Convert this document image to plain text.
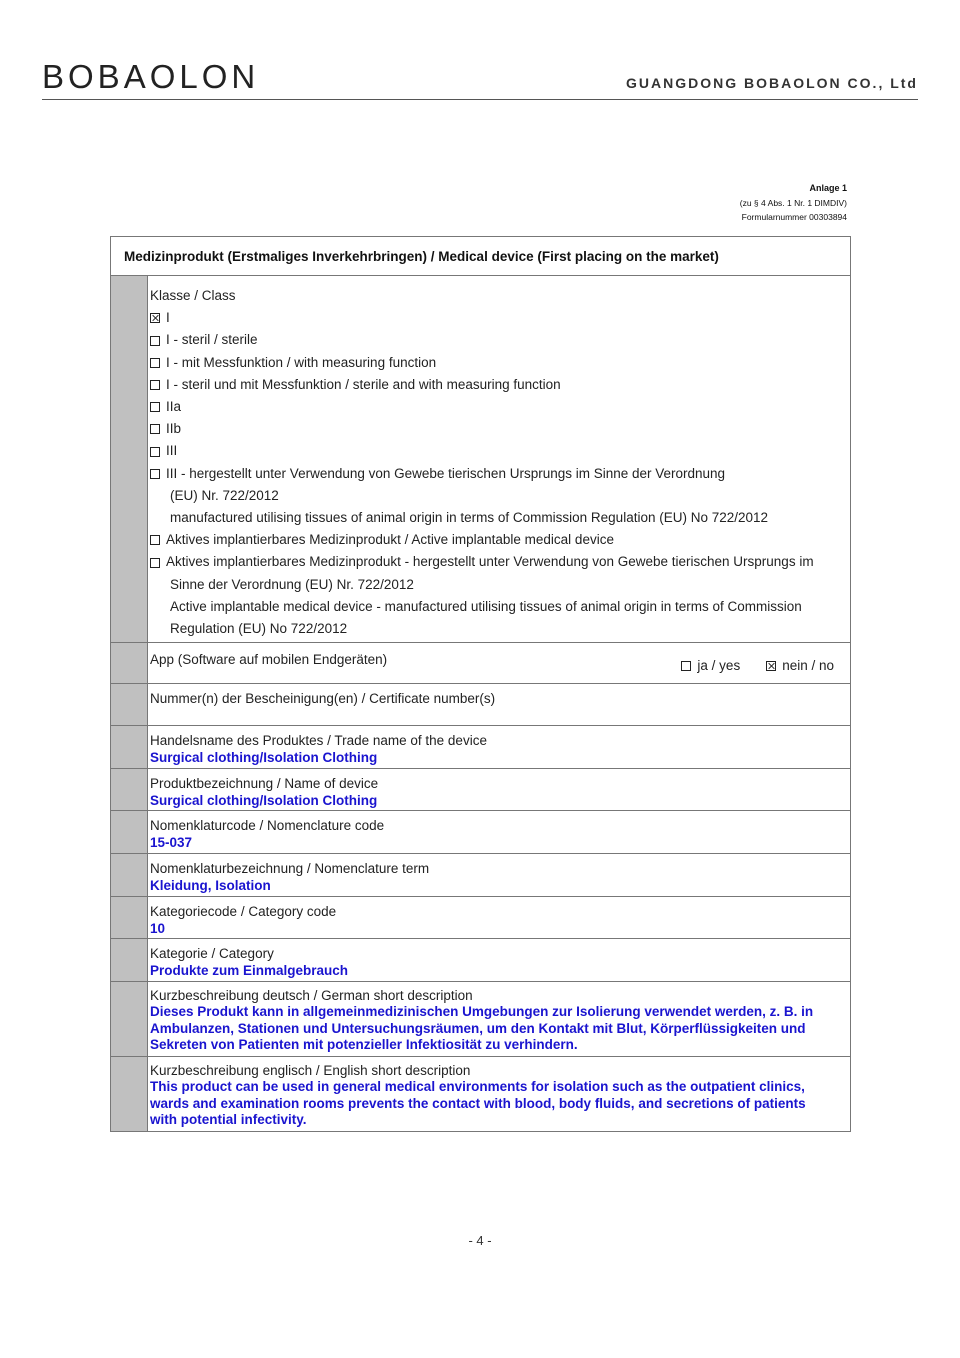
BOBAOLON	GUANGDONG BOBAOLON CO., Ltd
Anlage 1
(zu § 4 Abs. 1 Nr. 1 DIMDIV)
Formularnummer 00303894
Medizinprodukt (Erstmaliges Inverkehrbringen) / Medical device (First placing on the market)
Klasse / Class
I
I - steril / sterile
I - mit Messfunktion / with measuring function
I - steril und mit Messfunktion / sterile and with measuring function
IIa
IIb
III
III - hergestellt unter Verwendung von Gewebe tierischen Ursprungs im Sinne der Verordnung
(EU) Nr. 722/2012
manufactured utilising tissues of animal origin in terms of Commission Regulation (EU) No 722/2012
Aktives implantierbares Medizinprodukt / Active implantable medical device
Aktives implantierbares Medizinprodukt - hergestellt unter Verwendung von Gewebe tierischen Ursprungs im
Sinne der Verordnung (EU) Nr. 722/2012
Active implantable medical device - manufactured utilising tissues of animal origin in terms of Commission
Regulation (EU) No 722/2012
App (Software auf mobilen Endgeräten)	ja / yes	nein / no
Nummer(n) der Bescheinigung(en) / Certificate number(s)
Handelsname des Produktes / Trade name of the device
Surgical clothing/Isolation Clothing
Produktbezeichnung / Name of device
Surgical clothing/Isolation Clothing
Nomenklaturcode / Nomenclature code
15-037
Nomenklaturbezeichnung / Nomenclature term
Kleidung, Isolation
Kategoriecode / Category code
10
Kategorie / Category
Produkte zum Einmalgebrauch
Kurzbeschreibung deutsch / German short description
Dieses Produkt kann in allgemeinmedizinischen Umgebungen zur Isolierung verwendet werden, z. B. in Ambulanzen, Stationen und Untersuchungsräumen, um den Kontakt mit Blut, Körperflüssigkeiten und Sekreten von Patienten mit potenzieller Infektiosität zu verhindern.
Kurzbeschreibung englisch / English short description
This product can be used in general medical environments for isolation such as the outpatient clinics, wards and examination rooms prevents the contact with blood, body fluids, and secretions of patients with potential infectivity.
- 4 -
